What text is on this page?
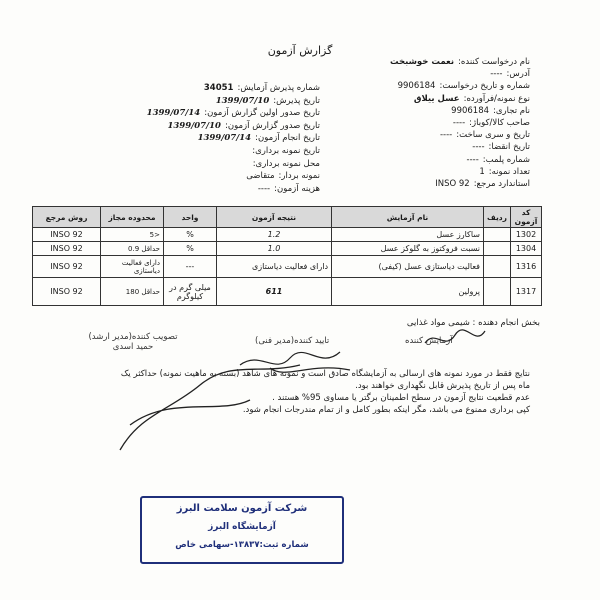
گزارش آزمون
نام درخواست کننده:نعمت خوشبخت
آدرس:----
شماره و تاریخ درخواست:9906184
نوع نمونه/فرآورده:عسل ییلاق
نام تجاری:9906184
صاحب کالا/کوباژ:----
تاریخ و سری ساخت:----
تاریخ انقضا:----
شماره پلمب:----
تعداد نمونه:1
استاندارد مرجع:INSO 92
شماره پذیرش آزمایش:34051
تاریخ پذیرش:1399/07/10
تاریخ صدور اولین گزارش آزمون:1399/07/14
تاریخ صدور گزارش آزمون:1399/07/10
تاریخ انجام آزمون:1399/07/14
تاریخ نمونه برداری:
محل نمونه برداری:
نمونه بردار:متقاضی
هزینه آزمون:----
کد آزمون	ردیف	نام آزمایش	نتیجه آزمون	واحد	محدوده مجاز	روش مرجع
1302		ساکارز عسل	1.2	%	<5	INSO 92
1304		نسبت فروکتوز به گلوکز عسل	1.0	%	حداقل 0.9	INSO 92
1316		فعالیت دیاستازی عسل (کیفی)	دارای فعالیت دیاستازی	---	دارای فعالیت دیاستازی	INSO 92
1317		پرولین	611	میلی گرم در کیلوگرم	حداقل 180	INSO 92
بخش انجام دهنده : شیمی مواد غذایی
آزمایش کننده
تایید کننده(مدیر فنی)
تصویب کننده(مدیر ارشد)
حمید اسدی
نتایج فقط در مورد نمونه های ارسالی به آزمایشگاه صادق است و نمونه های شاهد (بسته به ماهیت نمونه) حداکثر یک
ماه پس از تاریخ پذیرش قابل نگهداری خواهند بود.
عدم قطعیت نتایج آزمون در سطح اطمینان برگتر یا مساوی 95% هستند .
کپی برداری ممنوع می باشد، مگر اینکه بطور کامل و از تمام مندرجات انجام شود.
شرکت آزمون سلامت البرز
آزمایشگاه البرز
شماره ثبت:۱۳۸۳۷-سهامی خاص
